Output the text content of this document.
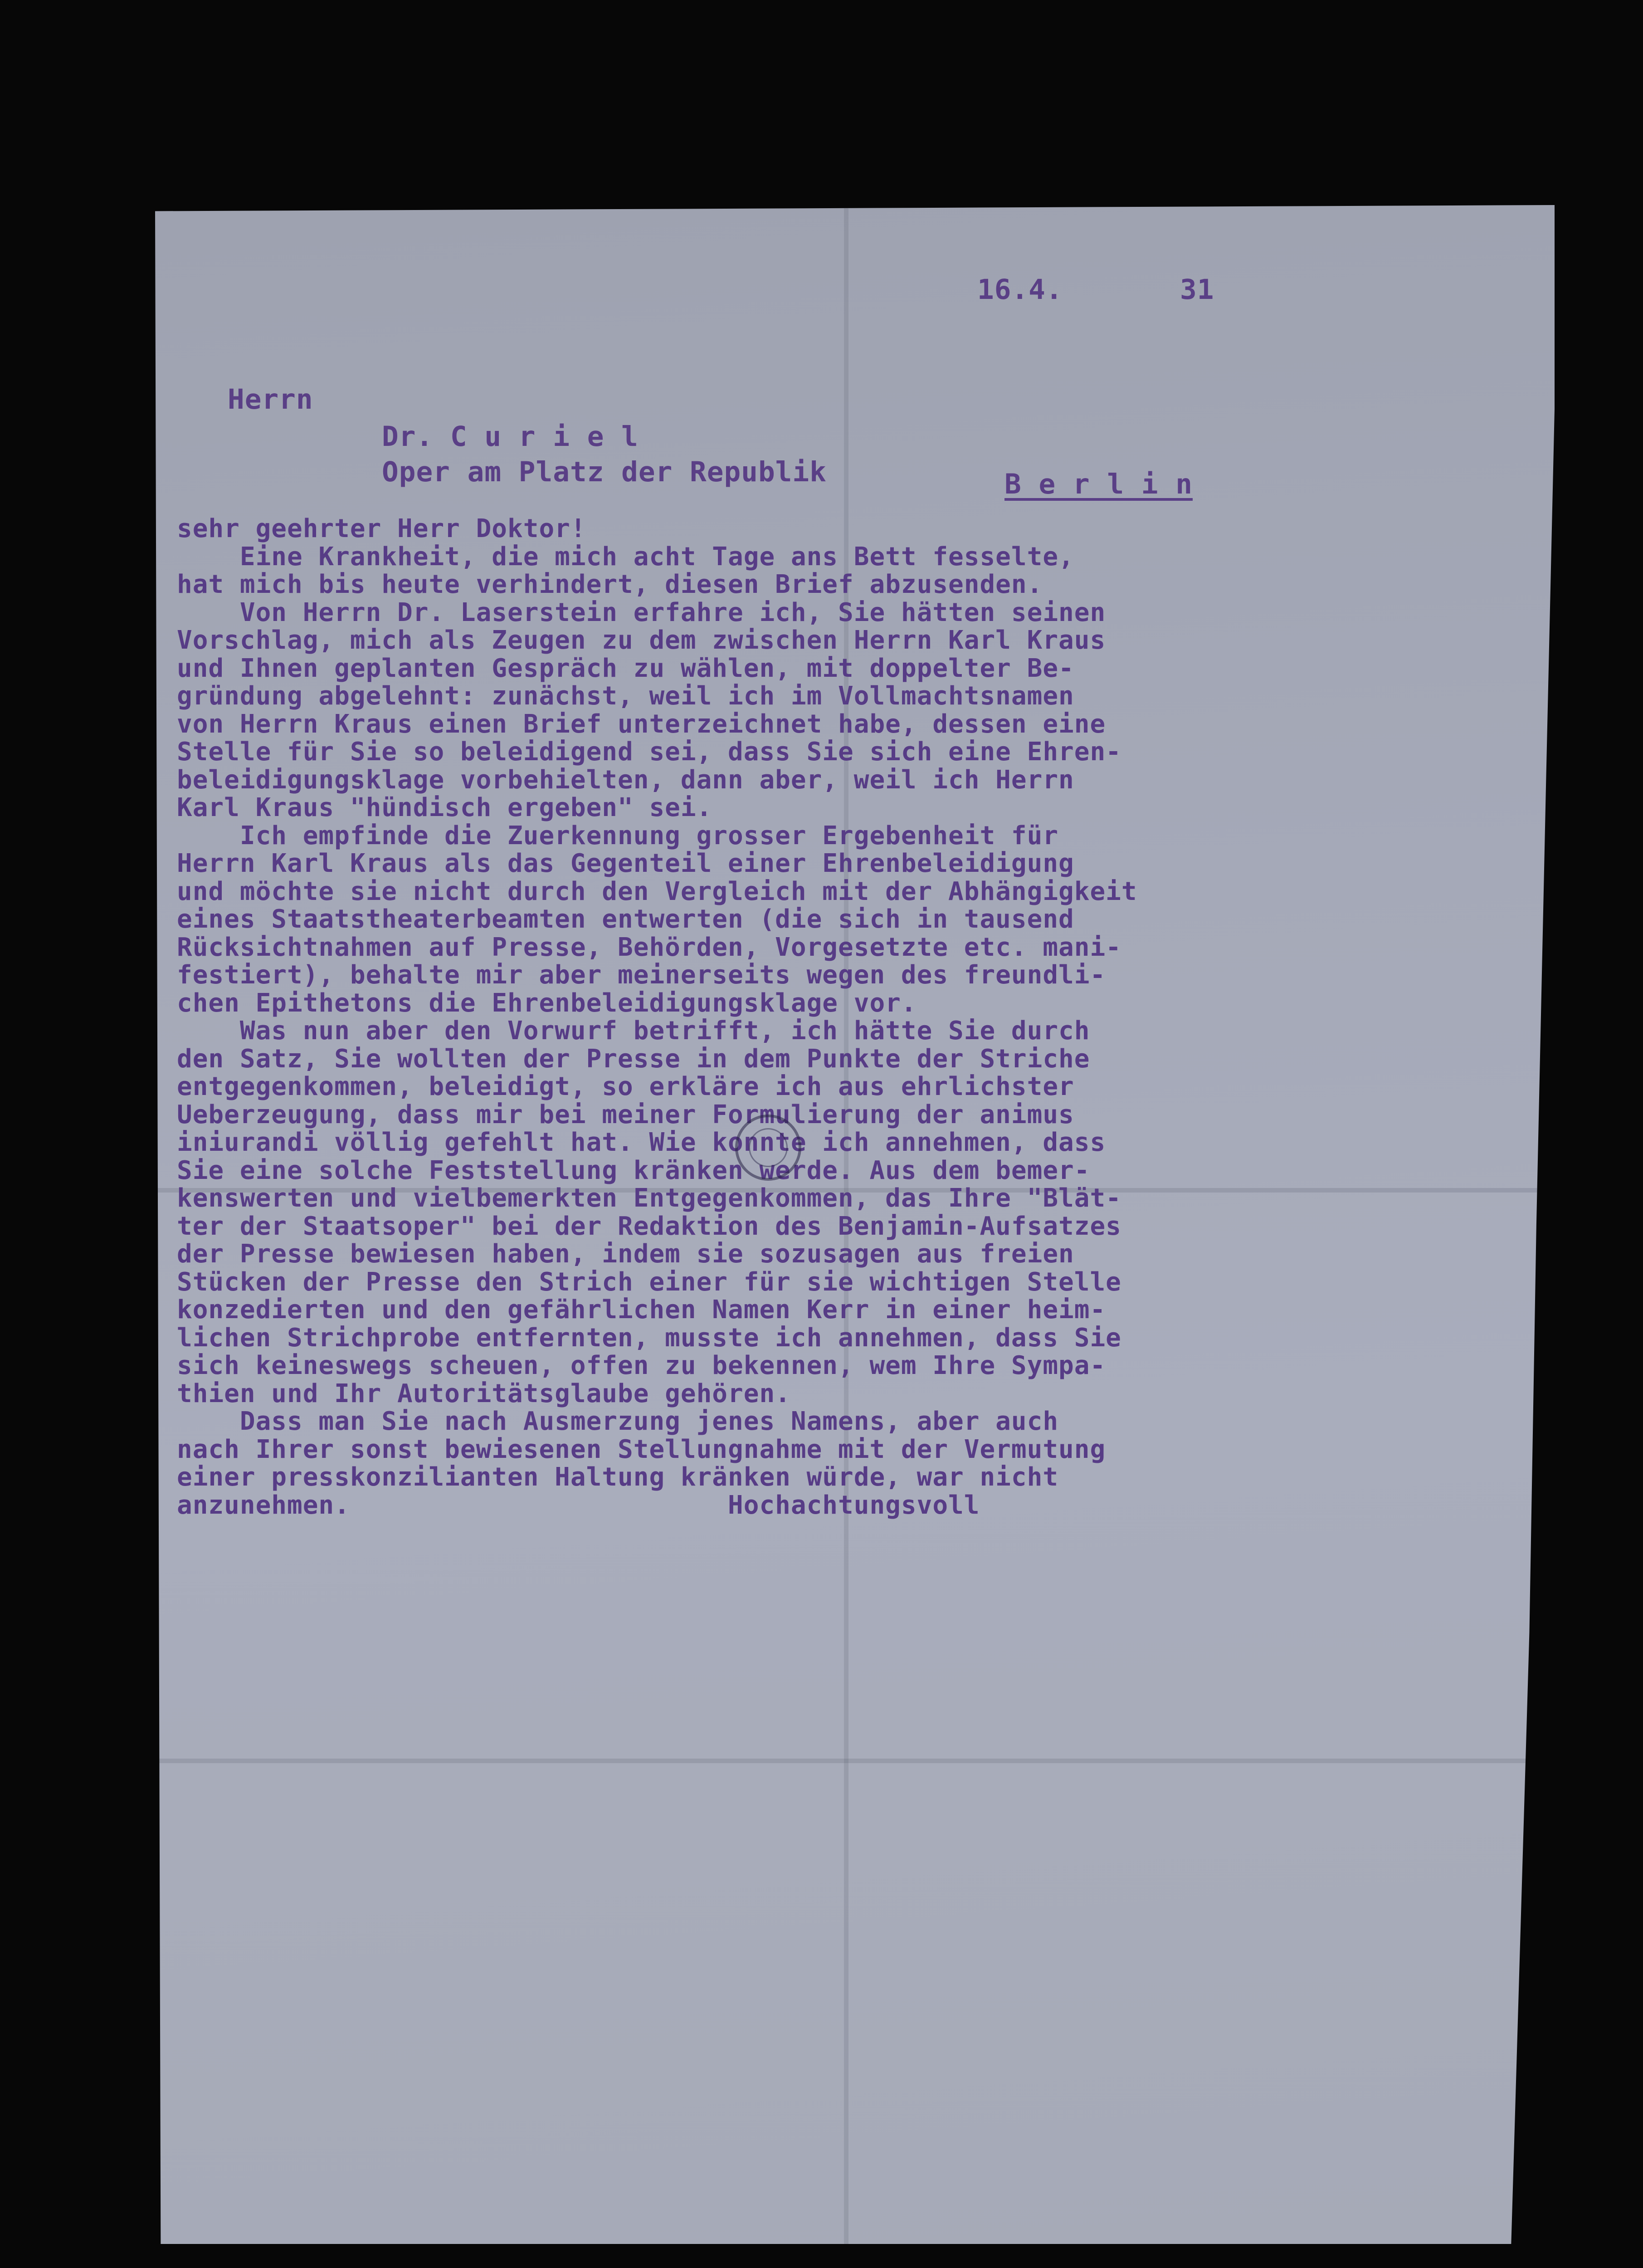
16.4.	31
Herrn
Dr. C u r i e l
Oper am Platz der Republik	B e r l i n
sehr geehrter Herr Doktor!
Eine Krankheit, die mich acht Tage ans Bett fesselte,
hat mich bis heute verhindert, diesen Brief abzusenden.
Von Herrn Dr. Laserstein erfahre ich, Sie hätten seinen
Vorschlag, mich als Zeugen zu dem zwischen Herrn Karl Kraus
und Ihnen geplanten Gespräch zu wählen, mit doppelter Be-
gründung abgelehnt: zunächst, weil ich im Vollmachtsnamen
von Herrn Kraus einen Brief unterzeichnet habe, dessen eine
Stelle für Sie so beleidigend sei, dass Sie sich eine Ehren-
beleidigungsklage vorbehielten, dann aber, weil ich Herrn
Karl Kraus "hündisch ergeben" sei.
Ich empfinde die Zuerkennung grosser Ergebenheit für
Herrn Karl Kraus als das Gegenteil einer Ehrenbeleidigung
und möchte sie nicht durch den Vergleich mit der Abhängigkeit
eines Staatstheaterbeamten entwerten (die sich in tausend
Rücksichtnahmen auf Presse, Behörden, Vorgesetzte etc. mani-
festiert), behalte mir aber meinerseits wegen des freundli-
chen Epithetons die Ehrenbeleidigungsklage vor.
Was nun aber den Vorwurf betrifft, ich hätte Sie durch
den Satz, Sie wollten der Presse in dem Punkte der Striche
entgegenkommen, beleidigt, so erkläre ich aus ehrlichster
Ueberzeugung, dass mir bei meiner Formulierung der animus
iniurandi völlig gefehlt hat. Wie konnte ich annehmen, dass
Sie eine solche Feststellung kränken werde. Aus dem bemer-
kenswerten und vielbemerkten Entgegenkommen, das Ihre "Blät-
ter der Staatsoper" bei der Redaktion des Benjamin-Aufsatzes
der Presse bewiesen haben, indem sie sozusagen aus freien
Stücken der Presse den Strich einer für sie wichtigen Stelle
konzedierten und den gefährlichen Namen Kerr in einer heim-
lichen Strichprobe entfernten, musste ich annehmen, dass Sie
sich keineswegs scheuen, offen zu bekennen, wem Ihre Sympa-
thien und Ihr Autoritätsglaube gehören.
Dass man Sie nach Ausmerzung jenes Namens, aber auch
nach Ihrer sonst bewiesenen Stellungnahme mit der Vermutung
einer presskonziliantеn Haltung kränken würde, war nicht
anzunehmen.                        Hochachtungsvoll
